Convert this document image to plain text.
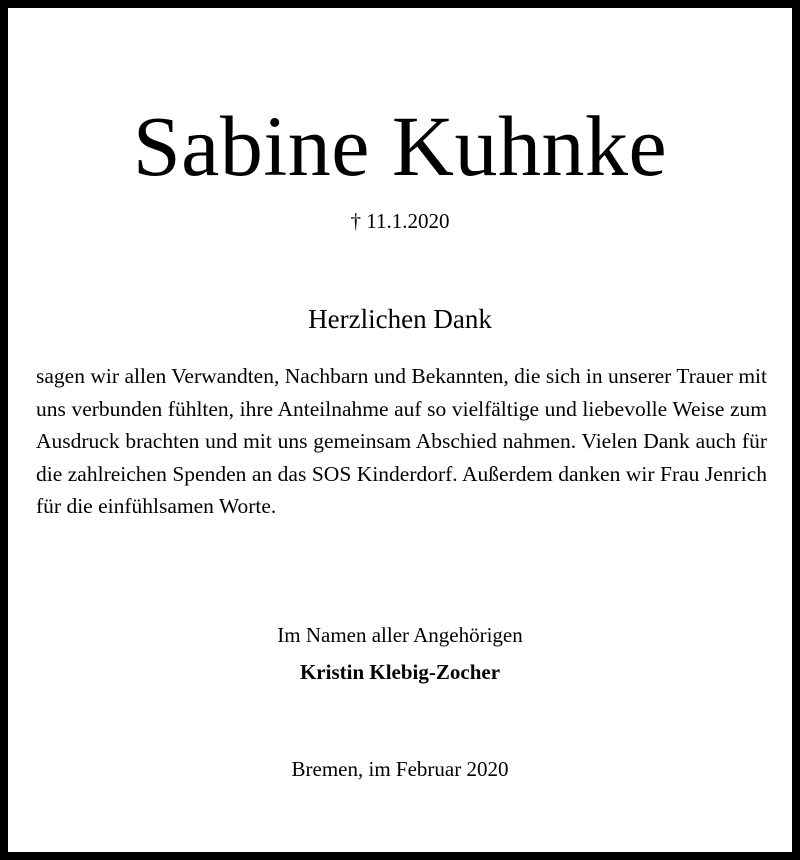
Sabine Kuhnke
† 11.1.2020
Herzlichen Dank
sagen wir allen Verwandten, Nachbarn und Bekannten, die sich in unserer Trauer mit uns verbunden fühlten, ihre Anteilnahme auf so vielfältige und liebevolle Weise zum Ausdruck brachten und mit uns gemeinsam Abschied nahmen. Vielen Dank auch für die zahlreichen Spenden an das SOS Kinderdorf. Außerdem danken wir Frau Jenrich für die einfühlsamen Worte.
Im Namen aller Angehörigen
Kristin Klebig-Zocher
Bremen, im Februar 2020
